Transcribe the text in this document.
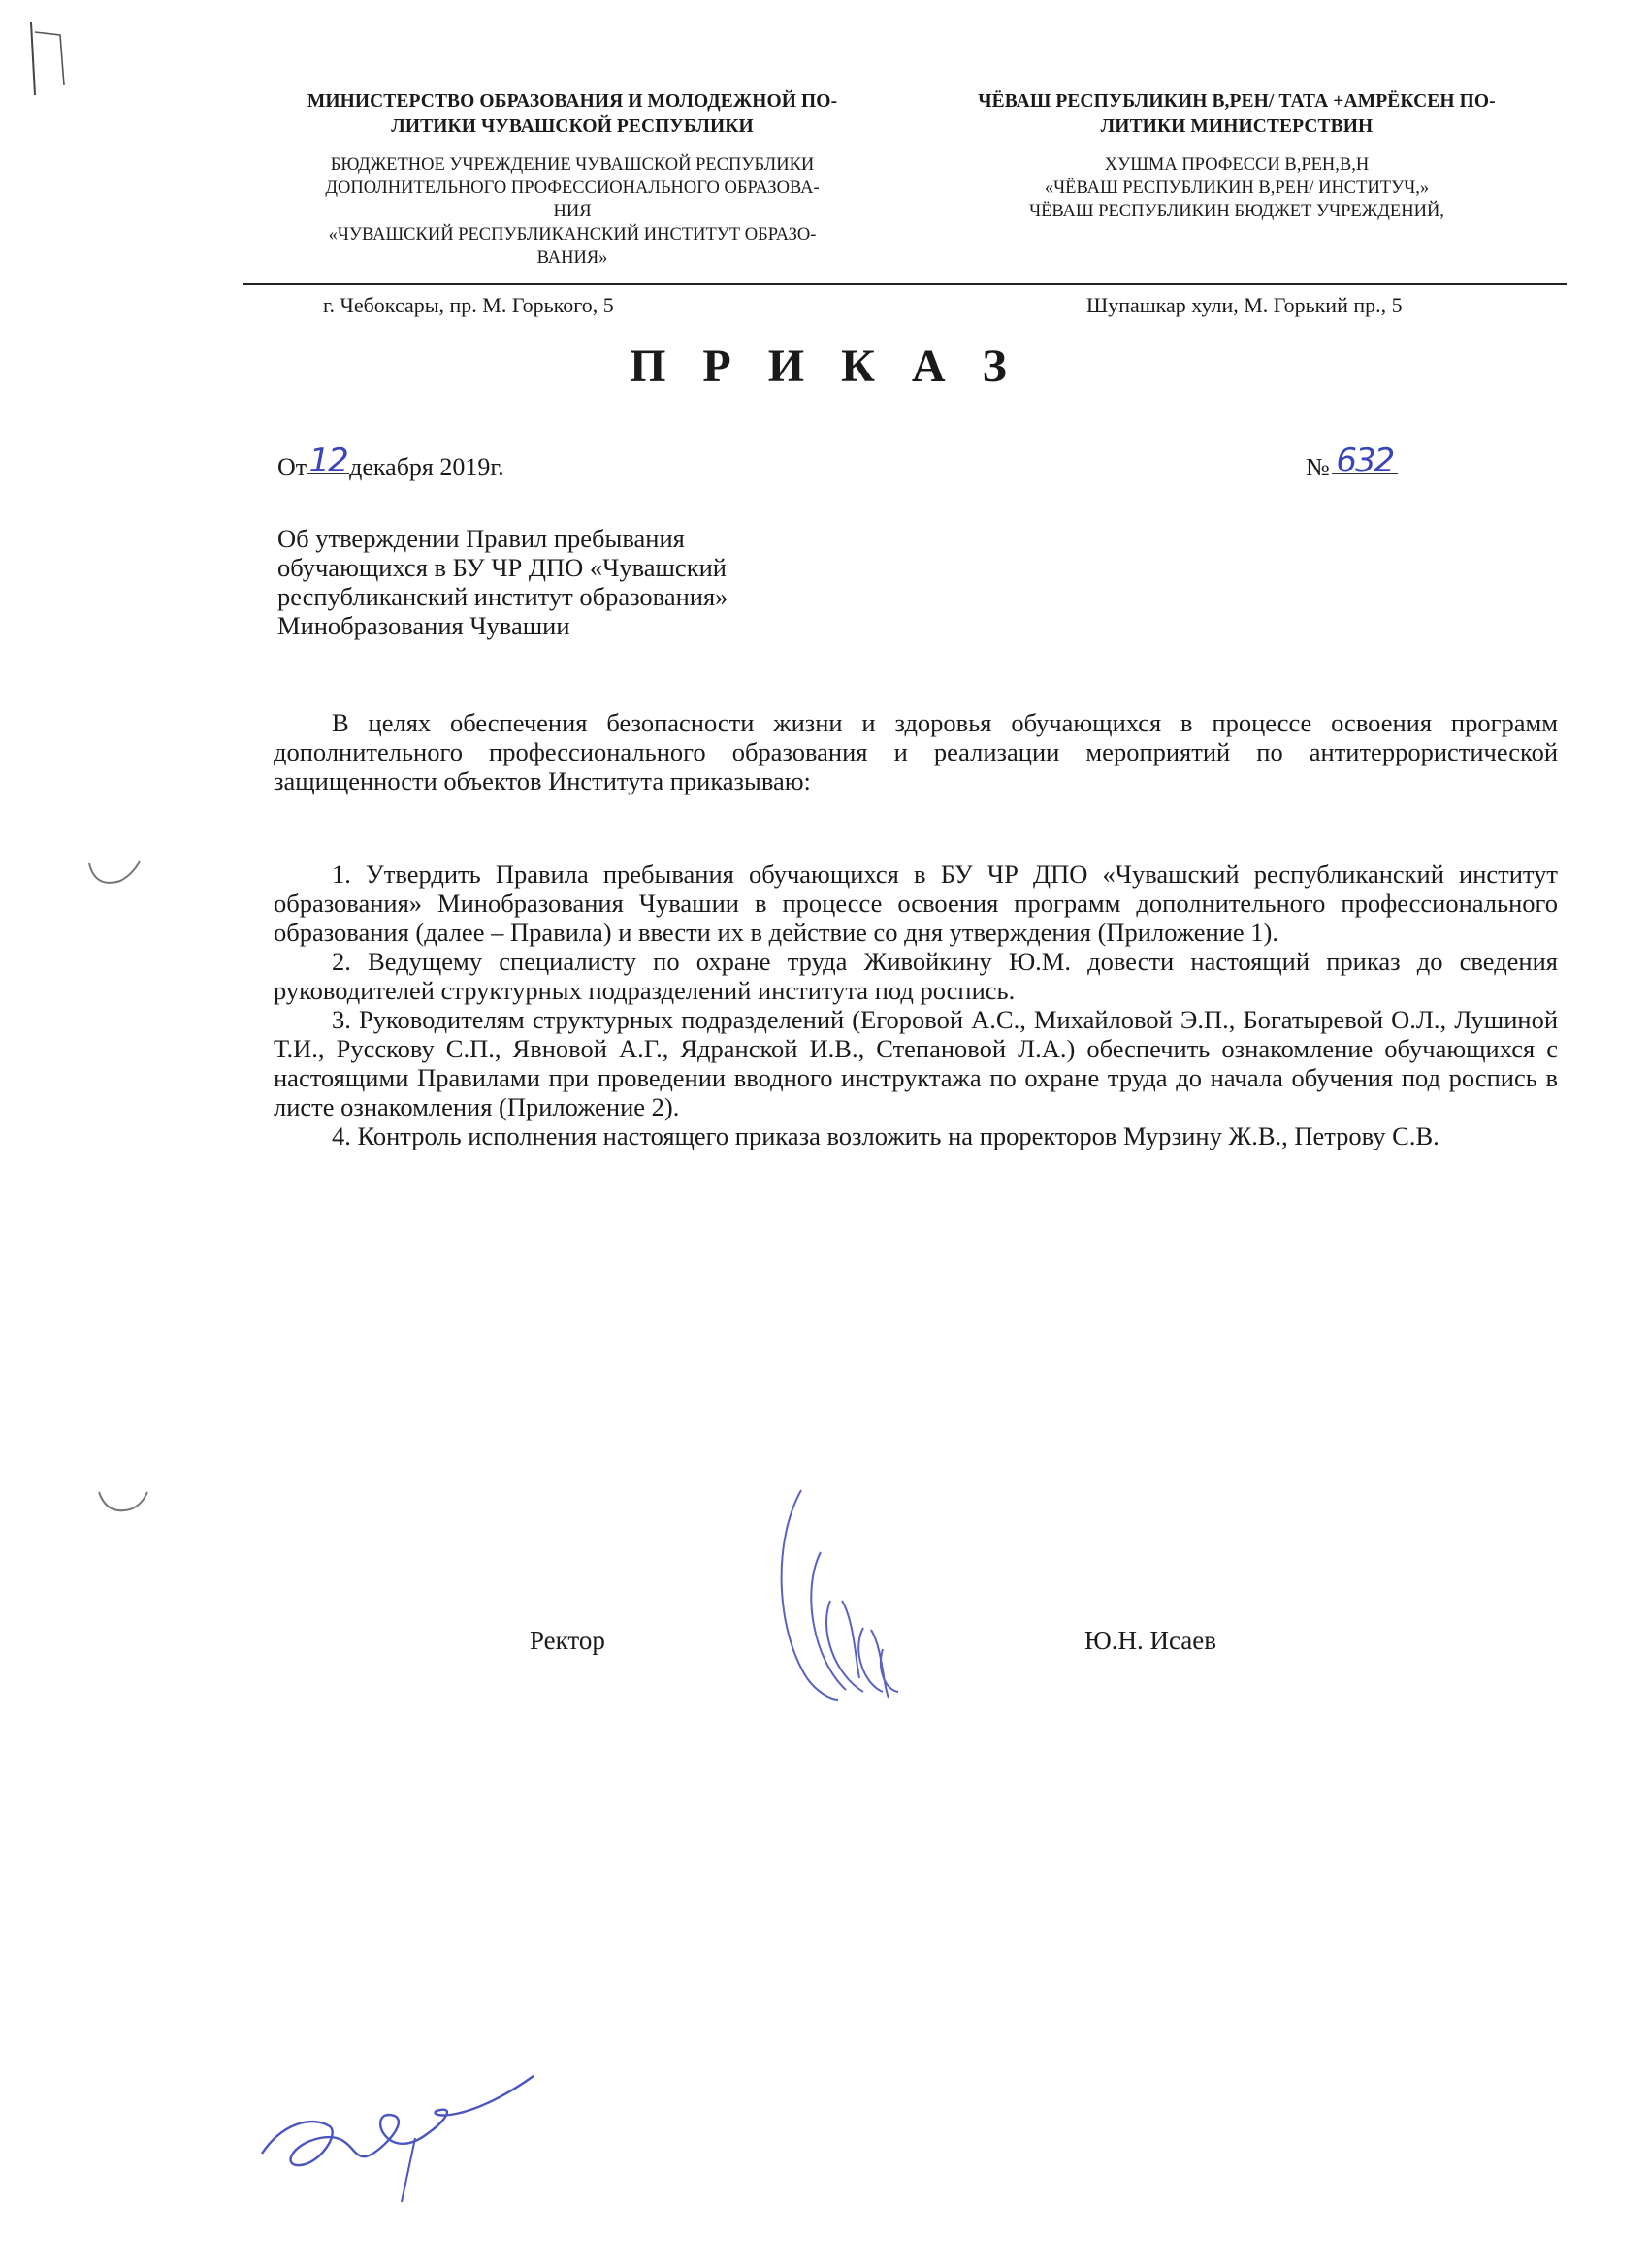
МИНИСТЕРСТВО ОБРАЗОВАНИЯ И МОЛОДЕЖНОЙ ПО-
ЛИТИКИ ЧУВАШСКОЙ РЕСПУБЛИКИ
БЮДЖЕТНОЕ УЧРЕЖДЕНИЕ ЧУВАШСКОЙ РЕСПУБЛИКИ
ДОПОЛНИТЕЛЬНОГО ПРОФЕССИОНАЛЬНОГО ОБРАЗОВА-
НИЯ
«ЧУВАШСКИЙ РЕСПУБЛИКАНСКИЙ ИНСТИТУТ ОБРАЗО-
ВАНИЯ»
ЧЁВАШ РЕСПУБЛИКИН В,РЕН/ ТАТА +АМРЁКСЕН ПО-
ЛИТИКИ МИНИСТЕРСТВИН
ХУШМА ПРОФЕССИ В,РЕН,В,Н
«ЧЁВАШ РЕСПУБЛИКИН В,РЕН/ ИНСТИТУЧ,»
ЧЁВАШ РЕСПУБЛИКИН БЮДЖЕТ УЧРЕЖДЕНИЙ,
г. Чебоксары, пр. М. Горького, 5	Шупашкар хули, М. Горький пр., 5
П Р И К А З
От12декабря 2019г.	№ 632
Об утверждении Правил пребывания
обучающихся в БУ ЧР ДПО «Чувашский
республиканский институт образования»
Минобразования Чувашии

В целях обеспечения безопасности жизни и здоровья обучающихся в процессе освоения программ дополнительного профессионального образования и реализации мероприятий по антитеррористической защищенности объектов Института приказываю:

1. Утвердить Правила пребывания обучающихся в БУ ЧР ДПО «Чувашский республиканский институт образования» Минобразования Чувашии в процессе освоения программ дополнительного профессионального образования (далее – Правила) и ввести их в действие со дня утверждения (Приложение 1).

2. Ведущему специалисту по охране труда Живойкину Ю.М. довести настоящий приказ до сведения руководителей структурных подразделений института под роспись.

3. Руководителям структурных подразделений (Егоровой А.С., Михайловой Э.П., Богатыревой О.Л., Лушиной Т.И., Русскову С.П., Явновой А.Г., Ядранской И.В., Степановой Л.А.) обеспечить ознакомление обучающихся с настоящими Правилами при проведении вводного инструктажа по охране труда до начала обучения под роспись в листе ознакомления (Приложение 2).

4. Контроль исполнения настоящего приказа возложить на проректоров Мурзину Ж.В., Петрову С.В.

Ректор	Ю.Н. Исаев
